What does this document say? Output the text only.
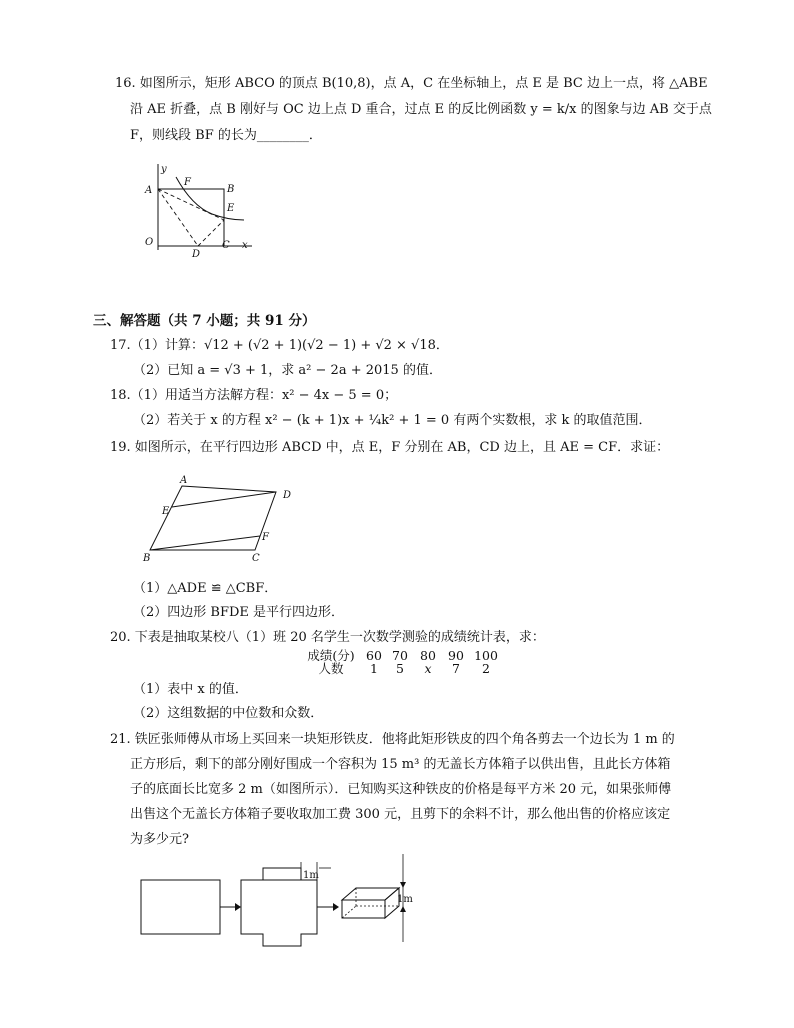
16. 如图所示，矩形 ABCO 的顶点 B(10,8)，点 A，C 在坐标轴上，点 E 是 BC 边上一点，将 △ABE
沿 AE 折叠，点 B 刚好与 OC 边上点 D 重合，过点 E 的反比例函数 y = k/x 的图象与边 AB 交于点
F，则线段 BF 的长为________．
y
A
F
B
E
O
D
C x
三、解答题（共 7 小题；共 91 分）
17.（1）计算：√12 + (√2 + 1)(√2 − 1) + √2 × √18．
（2）已知 a = √3 + 1，求 a² − 2a + 2015 的值．
18.（1）用适当方法解方程：x² − 4x − 5 = 0；
（2）若关于 x 的方程 x² − (k + 1)x + ¼k² + 1 = 0 有两个实数根，求 k 的取值范围．
19. 如图所示，在平行四边形 ABCD 中，点 E，F 分别在 AB，CD 边上，且 AE = CF．求证：
A
D
E
F
B	C
（1）△ADE ≌ △CBF．
（2）四边形 BFDE 是平行四边形．
20. 下表是抽取某校八（1）班 20 名学生一次数学测验的成绩统计表，求：
成绩(分) 60 70 80 90 100
人数	1	5	x	7	2
（1）表中 x 的值．
（2）这组数据的中位数和众数．
21. 铁匠张师傅从市场上买回来一块矩形铁皮．他将此矩形铁皮的四个角各剪去一个边长为 1 m 的
正方形后，剩下的部分刚好围成一个容积为 15 m³ 的无盖长方体箱子以供出售，且此长方体箱
子的底面长比宽多 2 m（如图所示）．已知购买这种铁皮的价格是每平方米 20 元，如果张师傅
出售这个无盖长方体箱子要收取加工费 300 元，且剪下的余料不计，那么他出售的价格应该定
为多少元?
1m
1m
